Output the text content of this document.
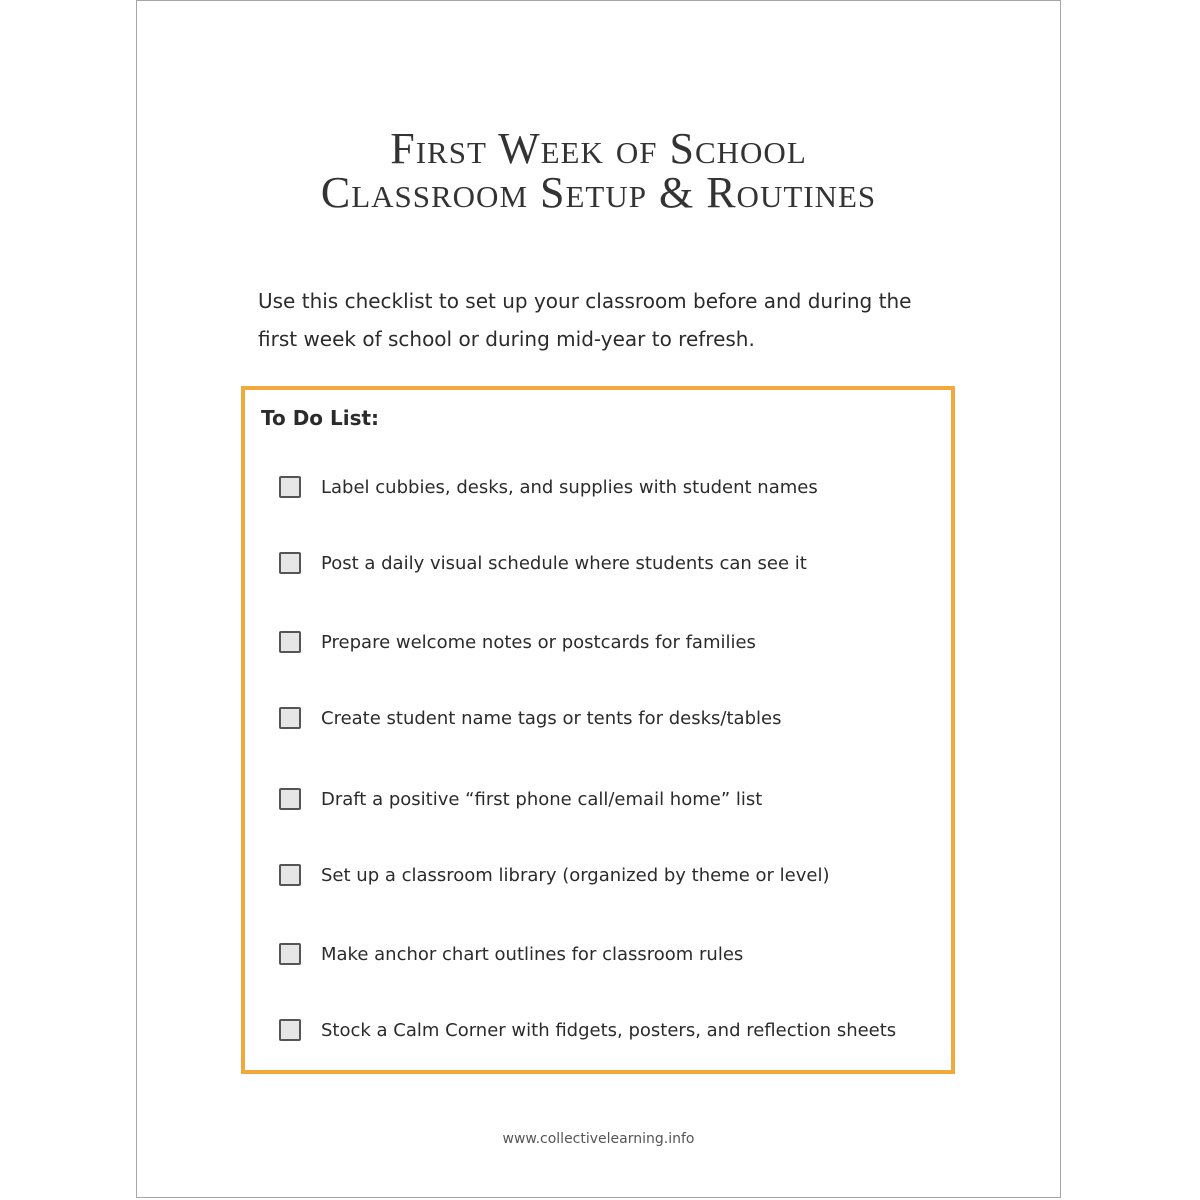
First Week of School
Classroom Setup & Routines
Use this checklist to set up your classroom before and during the
first week of school or during mid-year to refresh.
To Do List:
Label cubbies, desks, and supplies with student names
Post a daily visual schedule where students can see it
Prepare welcome notes or postcards for families
Create student name tags or tents for desks/tables
Draft a positive “first phone call/email home” list
Set up a classroom library (organized by theme or level)
Make anchor chart outlines for classroom rules
Stock a Calm Corner with fidgets, posters, and reflection sheets
www.collectivelearning.info
